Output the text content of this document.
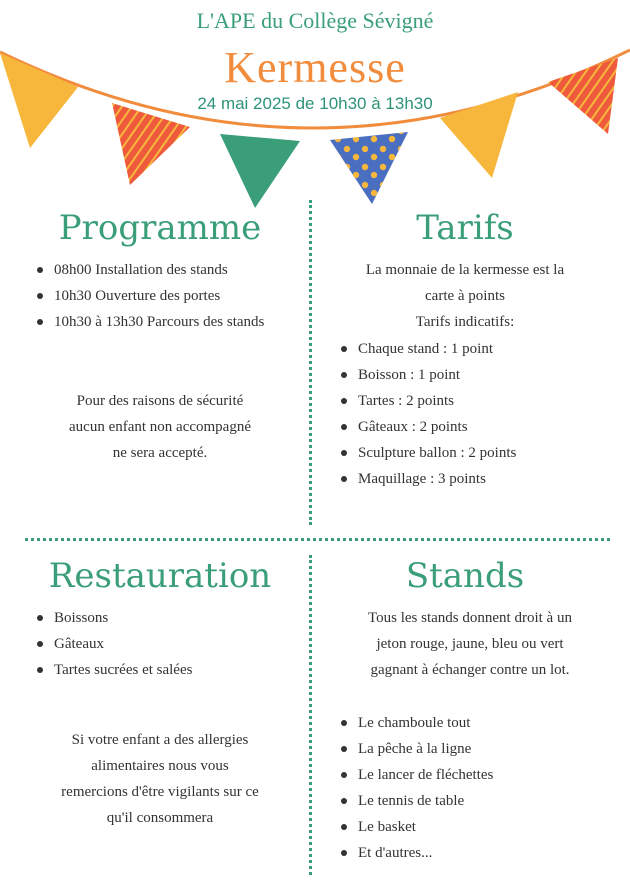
L'APE du Collège Sévigné
Kermesse
24 mai 2025 de 10h30 à 13h30
Programme
08h00 Installation des stands
10h30 Ouverture des portes
10h30 à 13h30 Parcours des stands
Pour des raisons de sécurité
aucun enfant non accompagné
ne sera accepté.
Tarifs
La monnaie de la kermesse est la
carte à points
Tarifs indicatifs:
Chaque stand : 1 point
Boisson : 1 point
Tartes : 2 points
Gâteaux : 2 points
Sculpture ballon : 2 points
Maquillage : 3 points
Restauration
Boissons
Gâteaux
Tartes sucrées et salées
Si votre enfant a des allergies
alimentaires nous vous
remercions d'être vigilants sur ce
qu'il consommera
Stands
Tous les stands donnent droit à un
jeton rouge, jaune, bleu ou vert
gagnant à échanger contre un lot.
Le chamboule tout
La pêche à la ligne
Le lancer de fléchettes
Le tennis de table
Le basket
Et d'autres...
